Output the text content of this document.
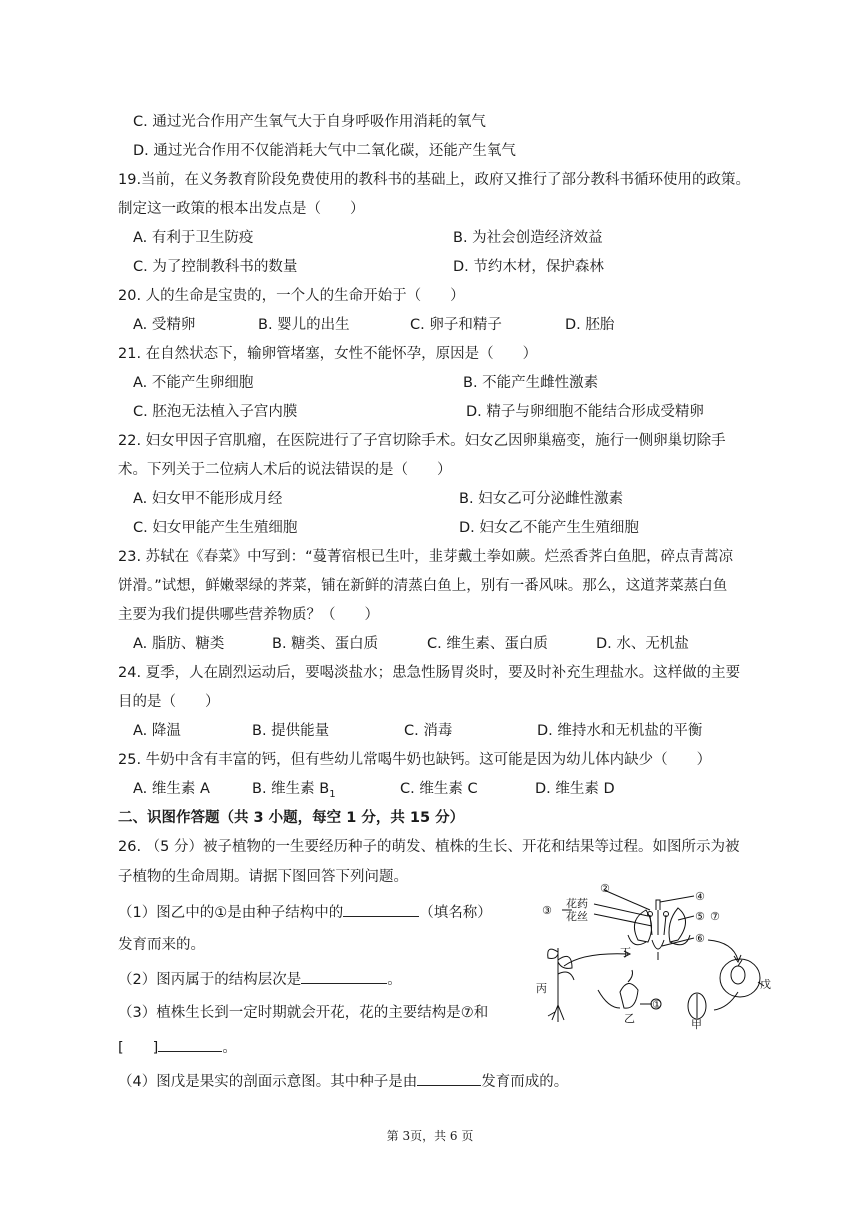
C. 通过光合作用产生氧气大于自身呼吸作用消耗的氧气
D. 通过光合作用不仅能消耗大气中二氧化碳，还能产生氧气
19.当前，在义务教育阶段免费使用的教科书的基础上，政府又推行了部分教科书循环使用的政策。
制定这一政策的根本出发点是（　　）
A. 有利于卫生防疫	B. 为社会创造经济效益
C. 为了控制教科书的数量	D. 节约木材，保护森林
20. 人的生命是宝贵的，一个人的生命开始于（　　）
A. 受精卵	B. 婴儿的出生	C. 卵子和精子	D. 胚胎
21. 在自然状态下，输卵管堵塞，女性不能怀孕，原因是（　　）
A. 不能产生卵细胞	B. 不能产生雌性激素
C. 胚泡无法植入子宫内膜	D. 精子与卵细胞不能结合形成受精卵
22. 妇女甲因子宫肌瘤，在医院进行了子宫切除手术。妇女乙因卵巢癌变，施行一侧卵巢切除手
术。下列关于二位病人术后的说法错误的是（　　）
A. 妇女甲不能形成月经	B. 妇女乙可分泌雌性激素
C. 妇女甲能产生生殖细胞	D. 妇女乙不能产生生殖细胞
23. 苏轼在《春菜》中写到：“蔓菁宿根已生叶，韭芽戴土拳如蕨。烂烝香荠白鱼肥，碎点青蒿凉
饼滑。”试想，鲜嫩翠绿的荠菜，铺在新鲜的清蒸白鱼上，别有一番风味。那么，这道荠菜蒸白鱼
主要为我们提供哪些营养物质？（　　）
A. 脂肪、糖类	B. 糖类、蛋白质	C. 维生素、蛋白质	D. 水、无机盐
24. 夏季，人在剧烈运动后，要喝淡盐水；患急性肠胃炎时，要及时补充生理盐水。这样做的主要
目的是（　　）
A. 降温	B. 提供能量	C. 消毒	D. 维持水和无机盐的平衡
25. 牛奶中含有丰富的钙，但有些幼儿常喝牛奶也缺钙。这可能是因为幼儿体内缺少（　　）
A. 维生素 A	B. 维生素 $B_1$	C. 维生素 C	D. 维生素 D
二、识图作答题（共 3 小题，每空 1 分，共 15 分）
26. （5 分）被子植物的一生要经历种子的萌发、植株的生长、开花和结果等过程。如图所示为被
子植物的生命周期。请据下图回答下列问题。
（1）图乙中的①是由种子结构中的	（填名称）
发育而来的。
（2）图丙属于的结构层次是	。
（3）植株生长到一定时期就会开花，花的主要结构是⑦和
[　　]	。
（4）图戊是果实的剖面示意图。其中种子是由	发育而成的。
②
④
⑤ ⑦
⑥
③
花药
花丝
丁
戊
甲
①
乙
丙
第 3页，共 6 页
